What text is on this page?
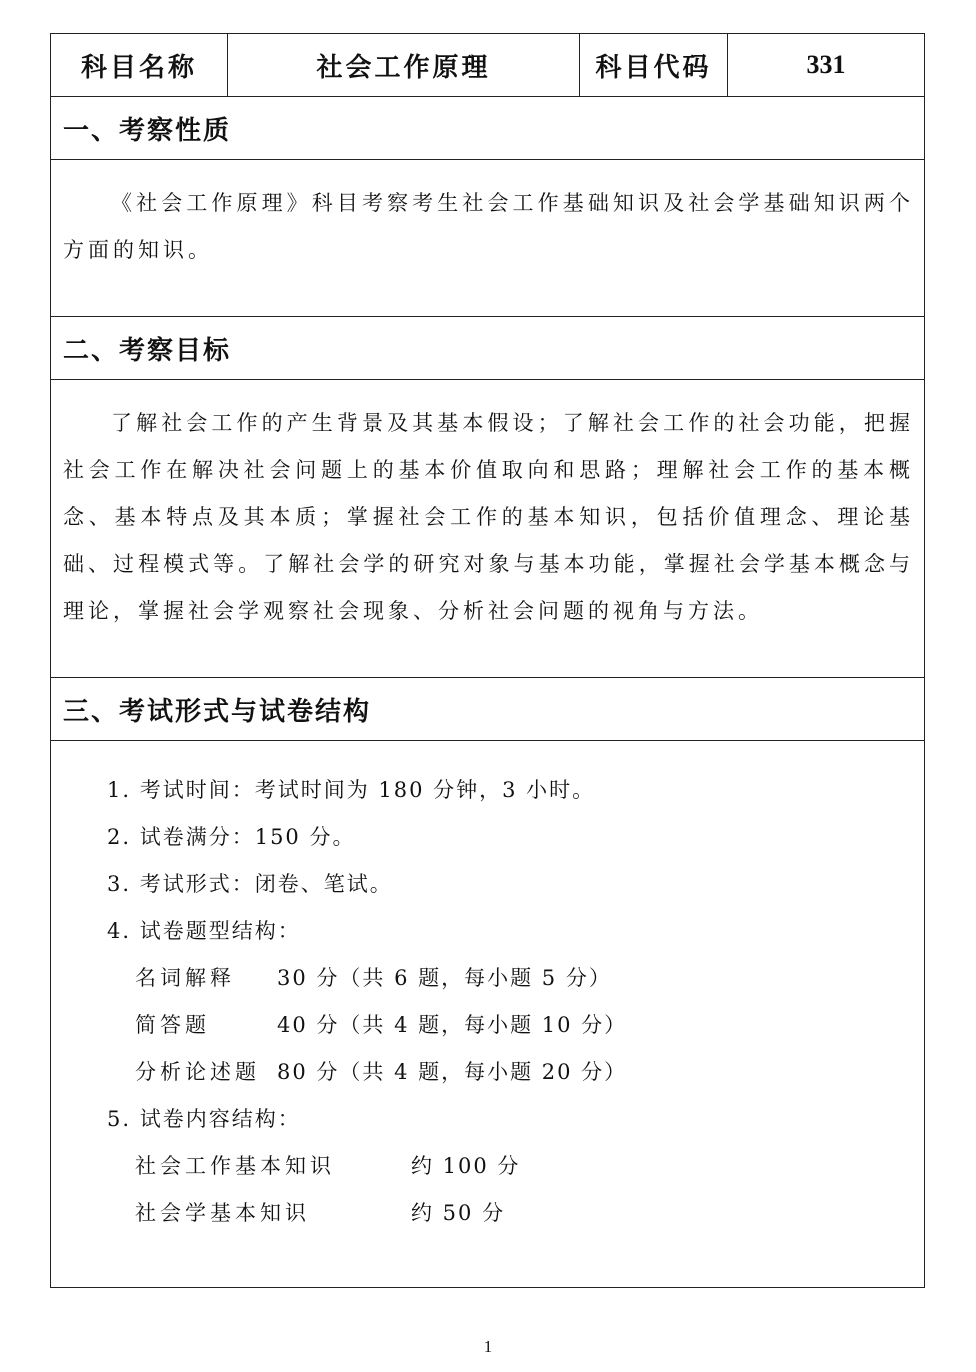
科目名称	社会工作原理	科目代码	331
一、考察性质
《社会工作原理》科目考察考生社会工作基础知识及社会学基础知识两个方面的知识。
二、考察目标
了解社会工作的产生背景及其基本假设；了解社会工作的社会功能，把握社会工作在解决社会问题上的基本价值取向和思路；理解社会工作的基本概念、基本特点及其本质；掌握社会工作的基本知识，包括价值理念、理论基础、过程模式等。了解社会学的研究对象与基本功能，掌握社会学基本概念与理论，掌握社会学观察社会现象、分析社会问题的视角与方法。
三、考试形式与试卷结构
1. 考试时间：考试时间为 180 分钟，3 小时。
2. 试卷满分：150 分。
3. 考试形式：闭卷、笔试。
4. 试卷题型结构：
名词解释	30 分（共 6 题，每小题 5 分）
简答题	40 分（共 4 题，每小题 10 分）
分析论述题 80 分（共 4 题，每小题 20 分）
5. 试卷内容结构：
社会工作基本知识	约 100 分
社会学基本知识	约 50 分
1
